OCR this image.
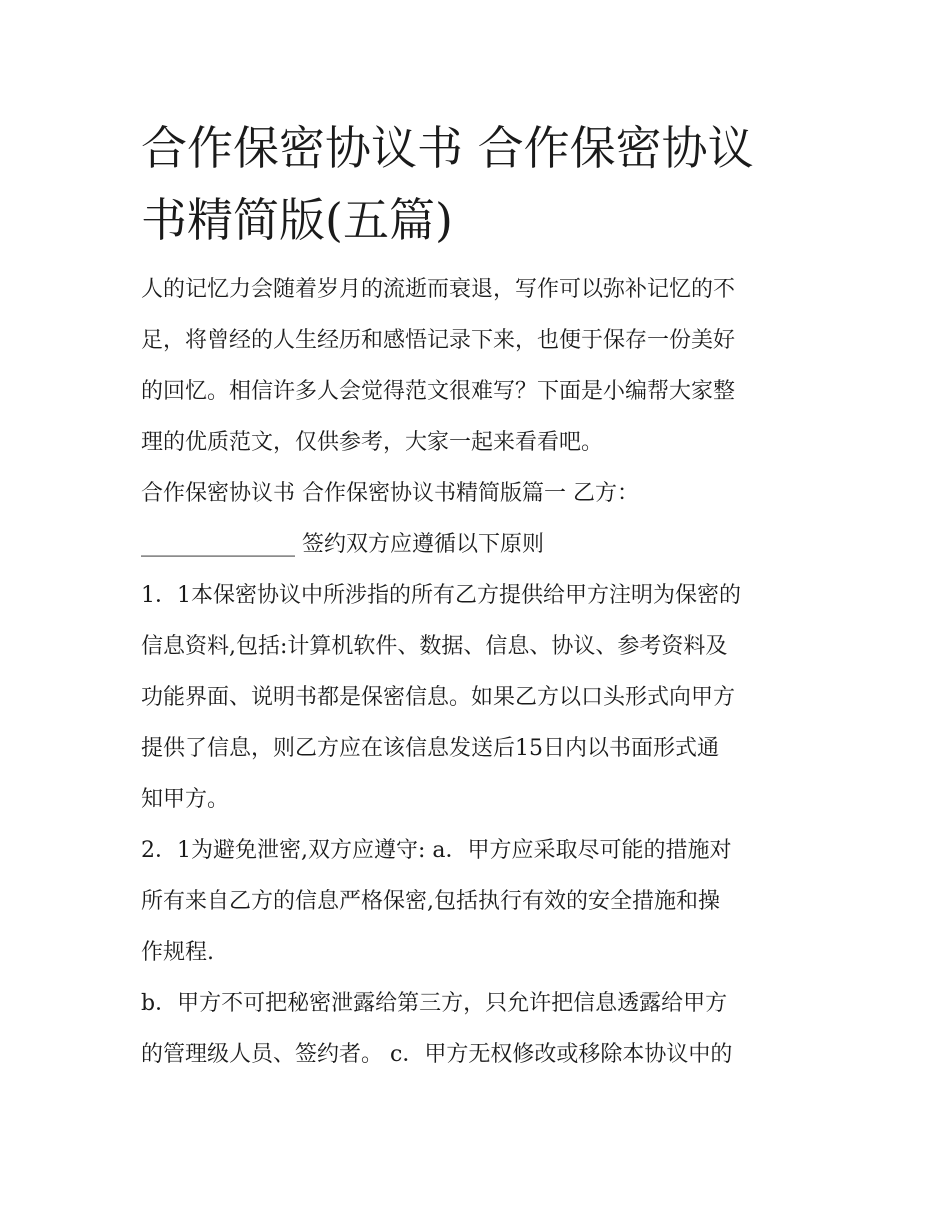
合作保密协议书 合作保密协议
书精简版(五篇)

人的记忆力会随着岁月的流逝而衰退，写作可以弥补记忆的不
足，将曾经的人生经历和感悟记录下来，也便于保存一份美好
的回忆。相信许多人会觉得范文很难写？下面是小编帮大家整
理的优质范文，仅供参考，大家一起来看看吧。

合作保密协议书 合作保密协议书精简版篇一 乙方：
______________ 签约双方应遵循以下原则

1．1本保密协议中所涉指的所有乙方提供给甲方注明为保密的
信息资料,包括:计算机软件、数据、信息、协议、参考资料及
功能界面、说明书都是保密信息。如果乙方以口头形式向甲方
提供了信息，则乙方应在该信息发送后15日内以书面形式通
知甲方。

2．1为避免泄密,双方应遵守: a．甲方应采取尽可能的措施对
所有来自乙方的信息严格保密,包括执行有效的安全措施和操
作规程.

b．甲方不可把秘密泄露给第三方，只允许把信息透露给甲方
的管理级人员、签约者。 c．甲方无权修改或移除本协议中的
